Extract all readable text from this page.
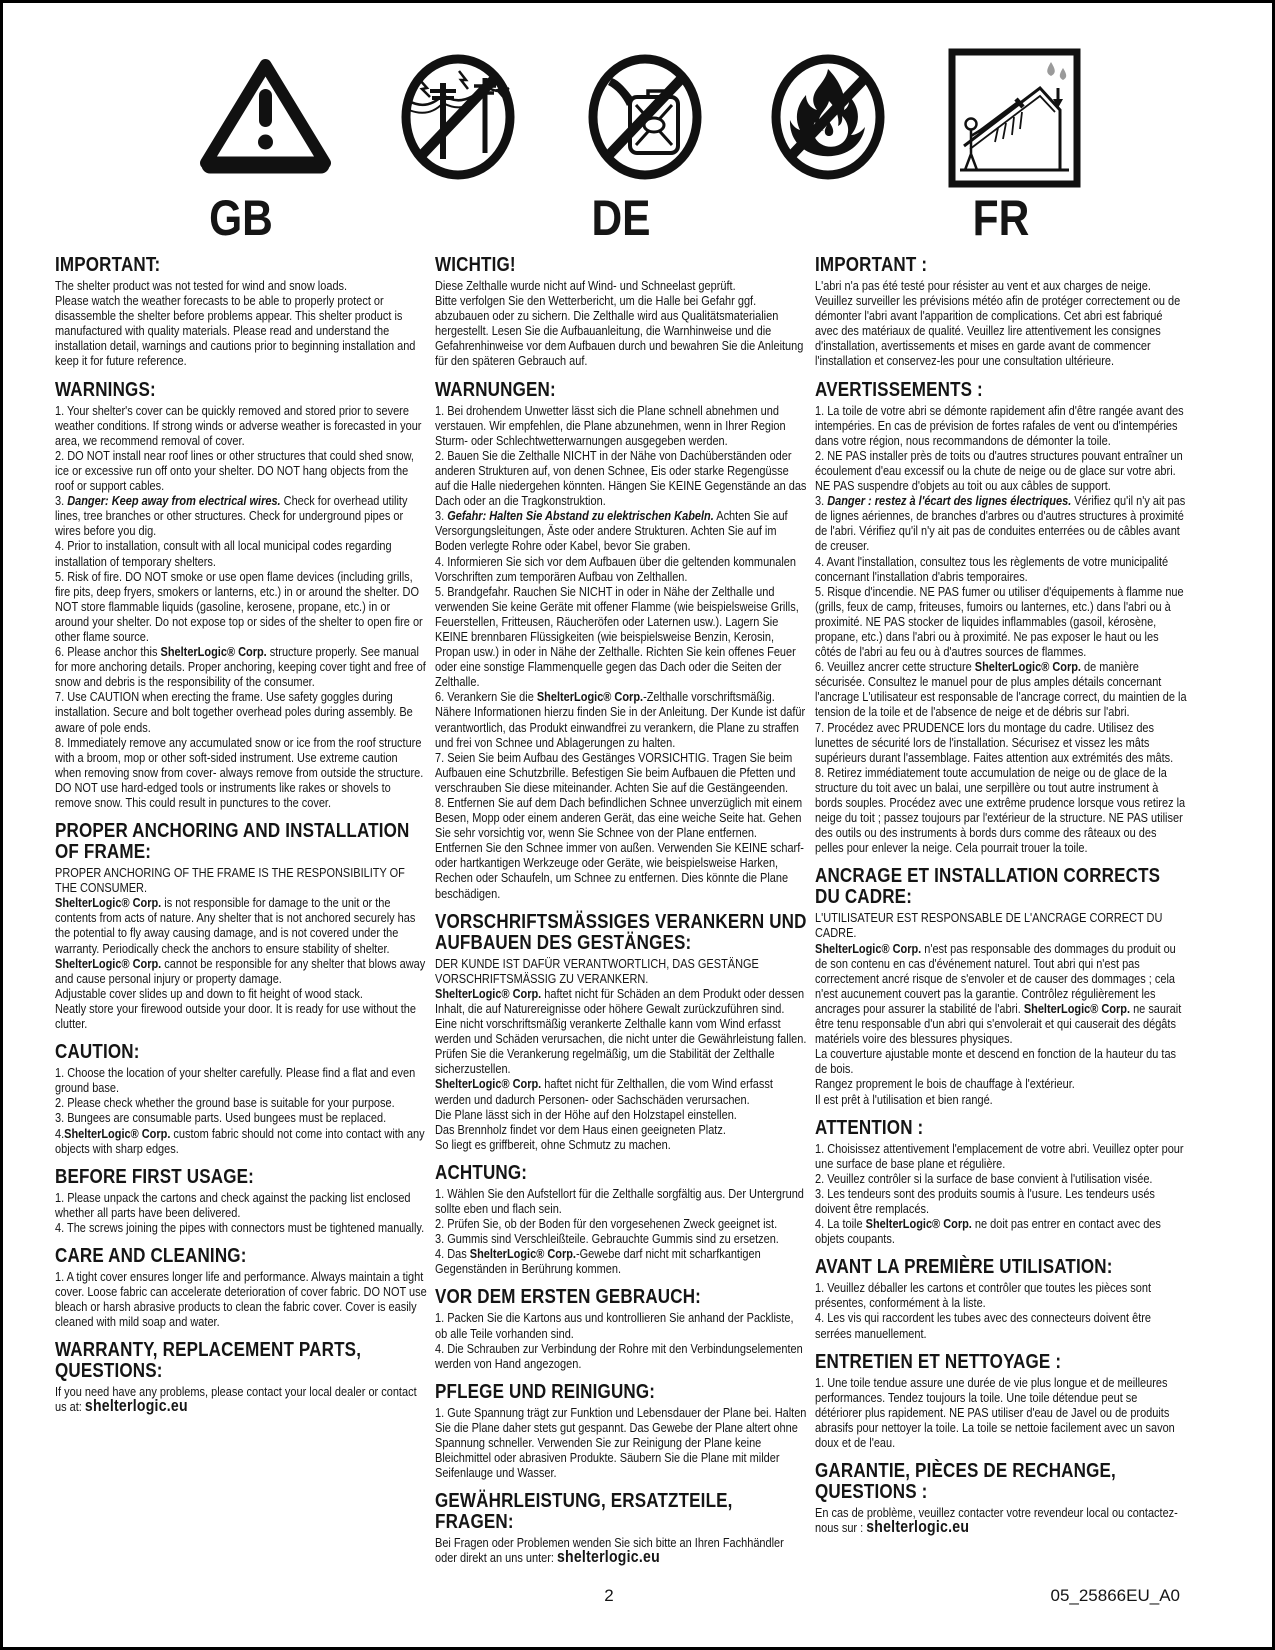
GB	DE	FR
IMPORTANT:
The shelter product was not tested for wind and snow loads.
Please watch the weather forecasts to be able to properly protect or disassemble the shelter before problems appear. This shelter product is manufactured with quality materials. Please read and understand the installation detail, warnings and cautions prior to beginning installation and keep it for future reference.
WARNINGS:
1. Your shelter's cover can be quickly removed and stored prior to severe weather conditions. If strong winds or adverse weather is forecasted in your area, we recommend removal of cover.
2. DO NOT install near roof lines or other structures that could shed snow, ice or excessive run off onto your shelter. DO NOT hang objects from the roof or support cables.
3. Danger: Keep away from electrical wires. Check for overhead utility lines, tree branches or other structures. Check for underground pipes or wires before you dig.
4. Prior to installation, consult with all local municipal codes regarding installation of temporary shelters.
5. Risk of fire. DO NOT smoke or use open flame devices (including grills, fire pits, deep fryers, smokers or lanterns, etc.) in or around the shelter. DO NOT store flammable liquids (gasoline, kerosene, propane, etc.) in or around your shelter. Do not expose top or sides of the shelter to open fire or other flame source.
6. Please anchor this ShelterLogic® Corp. structure properly. See manual for more anchoring details. Proper anchoring, keeping cover tight and free of snow and debris is the responsibility of the consumer.
7. Use CAUTION when erecting the frame. Use safety goggles during installation. Secure and bolt together overhead poles during assembly. Be aware of pole ends.
8. Immediately remove any accumulated snow or ice from the roof structure with a broom, mop or other soft-sided instrument. Use extreme caution when removing snow from cover- always remove from outside the structure. DO NOT use hard-edged tools or instruments like rakes or shovels to remove snow. This could result in punctures to the cover.
PROPER ANCHORING AND INSTALLATION OF FRAME:
PROPER ANCHORING OF THE FRAME IS THE RESPONSIBILITY OF THE CONSUMER.
ShelterLogic® Corp. is not responsible for damage to the unit or the contents from acts of nature. Any shelter that is not anchored securely has the potential to fly away causing damage, and is not covered under the warranty. Periodically check the anchors to ensure stability of shelter. ShelterLogic® Corp. cannot be responsible for any shelter that blows away and cause personal injury or property damage.
Adjustable cover slides up and down to fit height of wood stack.
Neatly store your firewood outside your door. It is ready for use without the clutter.
CAUTION:
1. Choose the location of your shelter carefully. Please find a flat and even ground base.
2. Please check whether the ground base is suitable for your purpose.
3. Bungees are consumable parts. Used bungees must be replaced.
4.ShelterLogic® Corp. custom fabric should not come into contact with any objects with sharp edges.
BEFORE FIRST USAGE:
1. Please unpack the cartons and check against the packing list enclosed whether all parts have been delivered.
4. The screws joining the pipes with connectors must be tightened manually.
CARE AND CLEANING:
1. A tight cover ensures longer life and performance. Always maintain a tight cover. Loose fabric can accelerate deterioration of cover fabric. DO NOT use bleach or harsh abrasive products to clean the fabric cover. Cover is easily cleaned with mild soap and water.
WARRANTY, REPLACEMENT PARTS, QUESTIONS:
If you need have any problems, please contact your local dealer or contact us at: shelterlogic.eu
WICHTIG!
Diese Zelthalle wurde nicht auf Wind- und Schneelast geprüft.
Bitte verfolgen Sie den Wetterbericht, um die Halle bei Gefahr ggf. abzubauen oder zu sichern. Die Zelthalle wird aus Qualitätsmaterialien hergestellt. Lesen Sie die Aufbauanleitung, die Warnhinweise und die Gefahrenhinweise vor dem Aufbauen durch und bewahren Sie die Anleitung für den späteren Gebrauch auf.
WARNUNGEN:
1. Bei drohendem Unwetter lässt sich die Plane schnell abnehmen und verstauen. Wir empfehlen, die Plane abzunehmen, wenn in Ihrer Region Sturm- oder Schlechtwetterwarnungen ausgegeben werden.
2. Bauen Sie die Zelthalle NICHT in der Nähe von Dachüberständen oder anderen Strukturen auf, von denen Schnee, Eis oder starke Regengüsse auf die Halle niedergehen könnten. Hängen Sie KEINE Gegenstände an das Dach oder an die Tragkonstruktion.
3. Gefahr: Halten Sie Abstand zu elektrischen Kabeln. Achten Sie auf Versorgungsleitungen, Äste oder andere Strukturen. Achten Sie auf im Boden verlegte Rohre oder Kabel, bevor Sie graben.
4. Informieren Sie sich vor dem Aufbauen über die geltenden kommunalen Vorschriften zum temporären Aufbau von Zelthallen.
5. Brandgefahr. Rauchen Sie NICHT in oder in Nähe der Zelthalle und verwenden Sie keine Geräte mit offener Flamme (wie beispielsweise Grills, Feuerstellen, Fritteusen, Räucheröfen oder Laternen usw.). Lagern Sie KEINE brennbaren Flüssigkeiten (wie beispielsweise Benzin, Kerosin, Propan usw.) in oder in Nähe der Zelthalle. Richten Sie kein offenes Feuer oder eine sonstige Flammenquelle gegen das Dach oder die Seiten der Zelthalle.
6. Verankern Sie die ShelterLogic® Corp.-Zelthalle vorschriftsmäßig. Nähere Informationen hierzu finden Sie in der Anleitung. Der Kunde ist dafür verantwortlich, das Produkt einwandfrei zu verankern, die Plane zu straffen und frei von Schnee und Ablagerungen zu halten.
7. Seien Sie beim Aufbau des Gestänges VORSICHTIG. Tragen Sie beim Aufbauen eine Schutzbrille. Befestigen Sie beim Aufbauen die Pfetten und verschrauben Sie diese miteinander. Achten Sie auf die Gestängeenden.
8. Entfernen Sie auf dem Dach befindlichen Schnee unverzüglich mit einem Besen, Mopp oder einem anderen Gerät, das eine weiche Seite hat. Gehen Sie sehr vorsichtig vor, wenn Sie Schnee von der Plane entfernen. Entfernen Sie den Schnee immer von außen. Verwenden Sie KEINE scharf- oder hartkantigen Werkzeuge oder Geräte, wie beispielsweise Harken, Rechen oder Schaufeln, um Schnee zu entfernen. Dies könnte die Plane beschädigen.
VORSCHRIFTSMÄSSIGES VERANKERN UND AUFBAUEN DES GESTÄNGES:
DER KUNDE IST DAFÜR VERANTWORTLICH, DAS GESTÄNGE VORSCHRIFTSMÄSSIG ZU VERANKERN.
ShelterLogic® Corp. haftet nicht für Schäden an dem Produkt oder dessen Inhalt, die auf Naturereignisse oder höhere Gewalt zurückzuführen sind. Eine nicht vorschriftsmäßig verankerte Zelthalle kann vom Wind erfasst werden und Schäden verursachen, die nicht unter die Gewährleistung fallen. Prüfen Sie die Verankerung regelmäßig, um die Stabilität der Zelthalle sicherzustellen.
ShelterLogic® Corp. haftet nicht für Zelthallen, die vom Wind erfasst werden und dadurch Personen- oder Sachschäden verursachen.
Die Plane lässt sich in der Höhe auf den Holzstapel einstellen.
Das Brennholz findet vor dem Haus einen geeigneten Platz.
So liegt es griffbereit, ohne Schmutz zu machen.
ACHTUNG:
1. Wählen Sie den Aufstellort für die Zelthalle sorgfältig aus. Der Untergrund sollte eben und flach sein.
2. Prüfen Sie, ob der Boden für den vorgesehenen Zweck geeignet ist.
3. Gummis sind Verschleißteile. Gebrauchte Gummis sind zu ersetzen.
4. Das ShelterLogic® Corp.-Gewebe darf nicht mit scharfkantigen Gegenständen in Berührung kommen.
VOR DEM ERSTEN GEBRAUCH:
1. Packen Sie die Kartons aus und kontrollieren Sie anhand der Packliste, ob alle Teile vorhanden sind.
4. Die Schrauben zur Verbindung der Rohre mit den Verbindungselementen werden von Hand angezogen.
PFLEGE UND REINIGUNG:
1. Gute Spannung trägt zur Funktion und Lebensdauer der Plane bei. Halten Sie die Plane daher stets gut gespannt. Das Gewebe der Plane altert ohne Spannung schneller. Verwenden Sie zur Reinigung der Plane keine Bleichmittel oder abrasiven Produkte. Säubern Sie die Plane mit milder Seifenlauge und Wasser.
GEWÄHRLEISTUNG, ERSATZTEILE, FRAGEN:
Bei Fragen oder Problemen wenden Sie sich bitte an Ihren Fachhändler oder direkt an uns unter: shelterlogic.eu
IMPORTANT :
L'abri n'a pas été testé pour résister au vent et aux charges de neige.
Veuillez surveiller les prévisions météo afin de protéger correctement ou de démonter l'abri avant l'apparition de complications. Cet abri est fabriqué avec des matériaux de qualité. Veuillez lire attentivement les consignes d'installation, avertissements et mises en garde avant de commencer l'installation et conservez-les pour une consultation ultérieure.
AVERTISSEMENTS :
1. La toile de votre abri se démonte rapidement afin d'être rangée avant des intempéries. En cas de prévision de fortes rafales de vent ou d'intempéries dans votre région, nous recommandons de démonter la toile.
2. NE PAS installer près de toits ou d'autres structures pouvant entraîner un écoulement d'eau excessif ou la chute de neige ou de glace sur votre abri. NE PAS suspendre d'objets au toit ou aux câbles de support.
3. Danger : restez à l'écart des lignes électriques. Vérifiez qu'il n'y ait pas de lignes aériennes, de branches d'arbres ou d'autres structures à proximité de l'abri. Vérifiez qu'il n'y ait pas de conduites enterrées ou de câbles avant de creuser.
4. Avant l'installation, consultez tous les règlements de votre municipalité concernant l'installation d'abris temporaires.
5. Risque d'incendie. NE PAS fumer ou utiliser d'équipements à flamme nue (grills, feux de camp, friteuses, fumoirs ou lanternes, etc.) dans l'abri ou à proximité. NE PAS stocker de liquides inflammables (gasoil, kérosène, propane, etc.) dans l'abri ou à proximité. Ne pas exposer le haut ou les côtés de l'abri au feu ou à d'autres sources de flammes.
6. Veuillez ancrer cette structure ShelterLogic® Corp. de manière sécurisée. Consultez le manuel pour de plus amples détails concernant l'ancrage L'utilisateur est responsable de l'ancrage correct, du maintien de la tension de la toile et de l'absence de neige et de débris sur l'abri.
7. Procédez avec PRUDENCE lors du montage du cadre. Utilisez des lunettes de sécurité lors de l'installation. Sécurisez et vissez les mâts supérieurs durant l'assemblage. Faites attention aux extrémités des mâts.
8. Retirez immédiatement toute accumulation de neige ou de glace de la structure du toit avec un balai, une serpillère ou tout autre instrument à bords souples. Procédez avec une extrême prudence lorsque vous retirez la neige du toit ; passez toujours par l'extérieur de la structure. NE PAS utiliser des outils ou des instruments à bords durs comme des râteaux ou des pelles pour enlever la neige. Cela pourrait trouer la toile.
ANCRAGE ET INSTALLATION CORRECTS DU CADRE:
L'UTILISATEUR EST RESPONSABLE DE L'ANCRAGE CORRECT DU CADRE.
ShelterLogic® Corp. n'est pas responsable des dommages du produit ou de son contenu en cas d'événement naturel. Tout abri qui n'est pas correctement ancré risque de s'envoler et de causer des dommages ; cela n'est aucunement couvert pas la garantie. Contrôlez régulièrement les ancrages pour assurer la stabilité de l'abri. ShelterLogic® Corp. ne saurait être tenu responsable d'un abri qui s'envolerait et qui causerait des dégâts matériels voire des blessures physiques.
La couverture ajustable monte et descend en fonction de la hauteur du tas de bois.
Rangez proprement le bois de chauffage à l'extérieur.
Il est prêt à l'utilisation et bien rangé.
ATTENTION :
1. Choisissez attentivement l'emplacement de votre abri. Veuillez opter pour une surface de base plane et régulière.
2. Veuillez contrôler si la surface de base convient à l'utilisation visée.
3. Les tendeurs sont des produits soumis à l'usure. Les tendeurs usés doivent être remplacés.
4. La toile ShelterLogic® Corp. ne doit pas entrer en contact avec des objets coupants.
AVANT LA PREMIÈRE UTILISATION:
1. Veuillez déballer les cartons et contrôler que toutes les pièces sont présentes, conformément à la liste.
4. Les vis qui raccordent les tubes avec des connecteurs doivent être serrées manuellement.
ENTRETIEN ET NETTOYAGE :
1. Une toile tendue assure une durée de vie plus longue et de meilleures performances. Tendez toujours la toile. Une toile détendue peut se détériorer plus rapidement. NE PAS utiliser d'eau de Javel ou de produits abrasifs pour nettoyer la toile. La toile se nettoie facilement avec un savon doux et de l'eau.
GARANTIE, PIÈCES DE RECHANGE, QUESTIONS :
En cas de problème, veuillez contacter votre revendeur local ou contactez-nous sur : shelterlogic.eu
2	05_25866EU_A0
